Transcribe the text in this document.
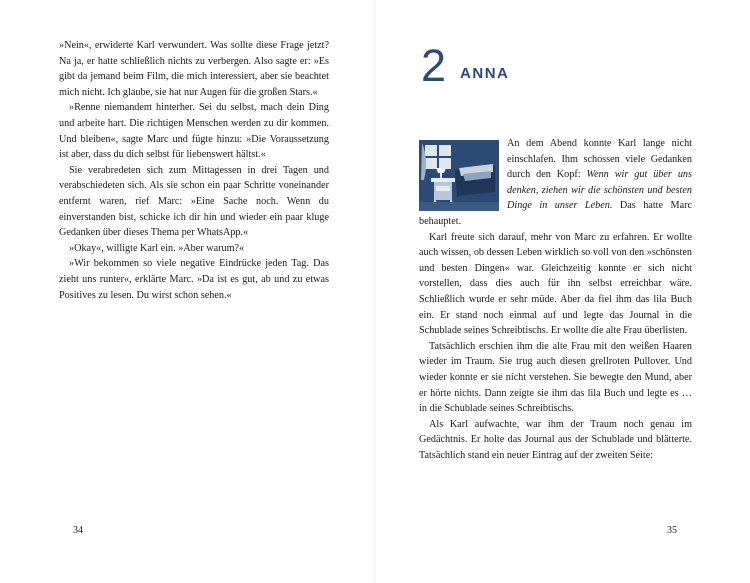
»Nein«, erwiderte Karl verwundert. Was sollte diese Frage jetzt? Na ja, er hatte schließlich nichts zu verbergen. Also sagte er: »Es gibt da jemand beim Film, die mich interessiert, aber sie beachtet mich nicht. Ich glaube, sie hat nur Augen für die großen Stars.«

»Renne niemandem hinterher. Sei du selbst, mach dein Ding und arbeite hart. Die richtigen Menschen werden zu dir kommen. Und bleiben«, sagte Marc und fügte hinzu: »Die Voraussetzung ist aber, dass du dich selbst für liebenswert hältst.«

Sie verabredeten sich zum Mittagessen in drei Tagen und verabschiedeten sich. Als sie schon ein paar Schritte voneinander entfernt waren, rief Marc: »Eine Sache noch. Wenn du einverstanden bist, schicke ich dir hin und wieder ein paar kluge Gedanken über dieses Thema per WhatsApp.«

»Okay«, willigte Karl ein. »Aber warum?«

»Wir bekommen so viele negative Eindrücke jeden Tag. Das zieht uns runter«, erklärte Marc. »Da ist es gut, ab und zu etwas Positives zu lesen. Du wirst schon sehen.«

34
2 ANNA

An dem Abend konnte Karl lange nicht einschlafen. Ihm schossen viele Gedanken durch den Kopf: Wenn wir gut über uns denken, ziehen wir die schönsten und besten Dinge in unser Leben. Das hatte Marc behauptet.

Karl freute sich darauf, mehr von Marc zu erfahren. Er wollte auch wissen, ob dessen Leben wirklich so voll von den »schönsten und besten Dingen« war. Gleichzeitig konnte er sich nicht vorstellen, dass dies auch für ihn selbst erreichbar wäre. Schließlich wurde er sehr müde. Aber da fiel ihm das lila Buch ein. Er stand noch einmal auf und legte das Journal in die Schublade seines Schreibtischs. Er wollte die alte Frau überlisten.

Tatsächlich erschien ihm die alte Frau mit den weißen Haaren wieder im Traum. Sie trug auch diesen grellroten Pullover. Und wieder konnte er sie nicht verstehen. Sie bewegte den Mund, aber er hörte nichts. Dann zeigte sie ihm das lila Buch und legte es … in die Schublade seines Schreibtischs.

Als Karl aufwachte, war ihm der Traum noch genau im Gedächtnis. Er holte das Journal aus der Schublade und blätterte. Tatsächlich stand ein neuer Eintrag auf der zweiten Seite:

35
